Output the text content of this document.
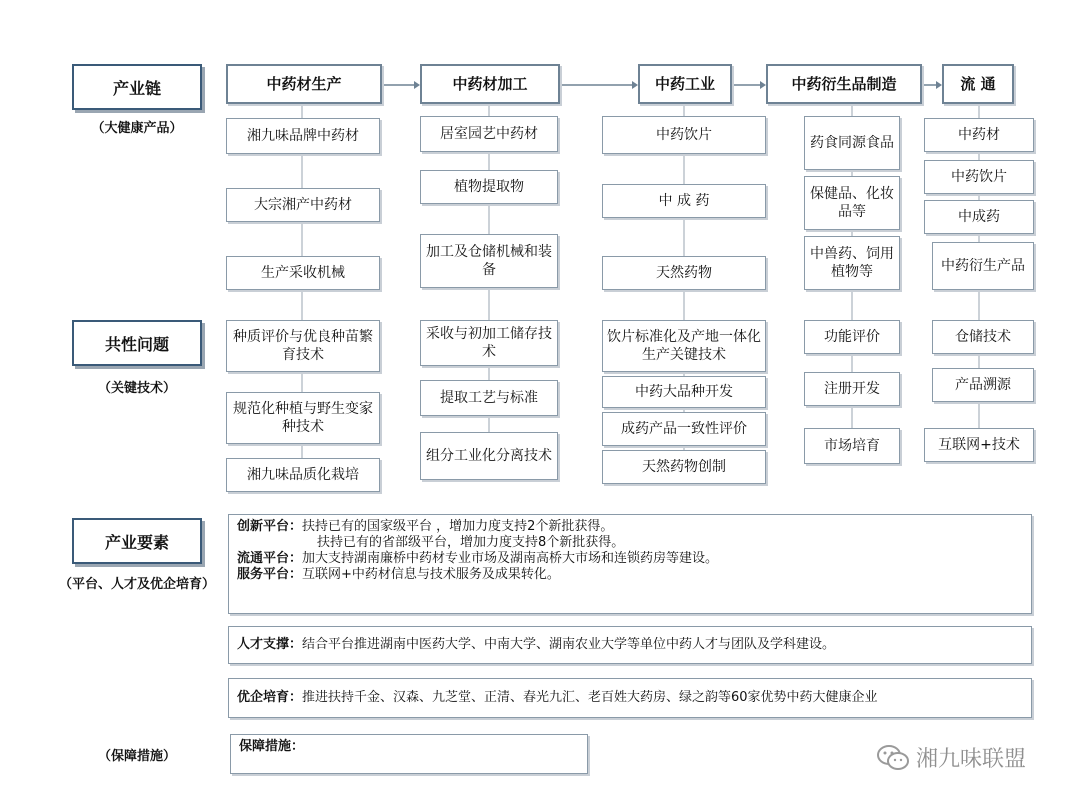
产业链
（大健康产品）
共性问题
（关键技术）
产业要素
（平台、人才及优企培育）
（保障措施）
中药材生产
湘九味品牌中药材
大宗湘产中药材
生产采收机械
种质评价与优良种苗繁育技术
规范化种植与野生变家种技术
湘九味品质化栽培
中药材加工
居室园艺中药材
植物提取物
加工及仓储机械和装备
采收与初加工储存技术
提取工艺与标准
组分工业化分离技术
中药工业
中药饮片
中 成 药
天然药物
饮片标准化及产地一体化生产关键技术
中药大品种开发
成药产品一致性评价
天然药物创制
中药衍生品制造
药食同源食品
保健品、化妆品等
中兽药、饲用植物等
功能评价
注册开发
市场培育
流 通
中药材
中药饮片
中成药
中药衍生产品
仓储技术
产品溯源
互联网+技术
创新平台：扶持已有的国家级平台 ，增加力度支持2个新批获得。
扶持已有的省部级平台，增加力度支持8个新批获得。
流通平台：加大支持湖南廉桥中药材专业市场及湖南高桥大市场和连锁药房等建设。
服务平台：互联网+中药材信息与技术服务及成果转化。
人才支撑：结合平台推进湖南中医药大学、中南大学、湖南农业大学等单位中药人才与团队及学科建设。
优企培育：推进扶持千金、汉森、九芝堂、正清、春光九汇、老百姓大药房、绿之韵等60家优势中药大健康企业
保障措施：
湘九味联盟
